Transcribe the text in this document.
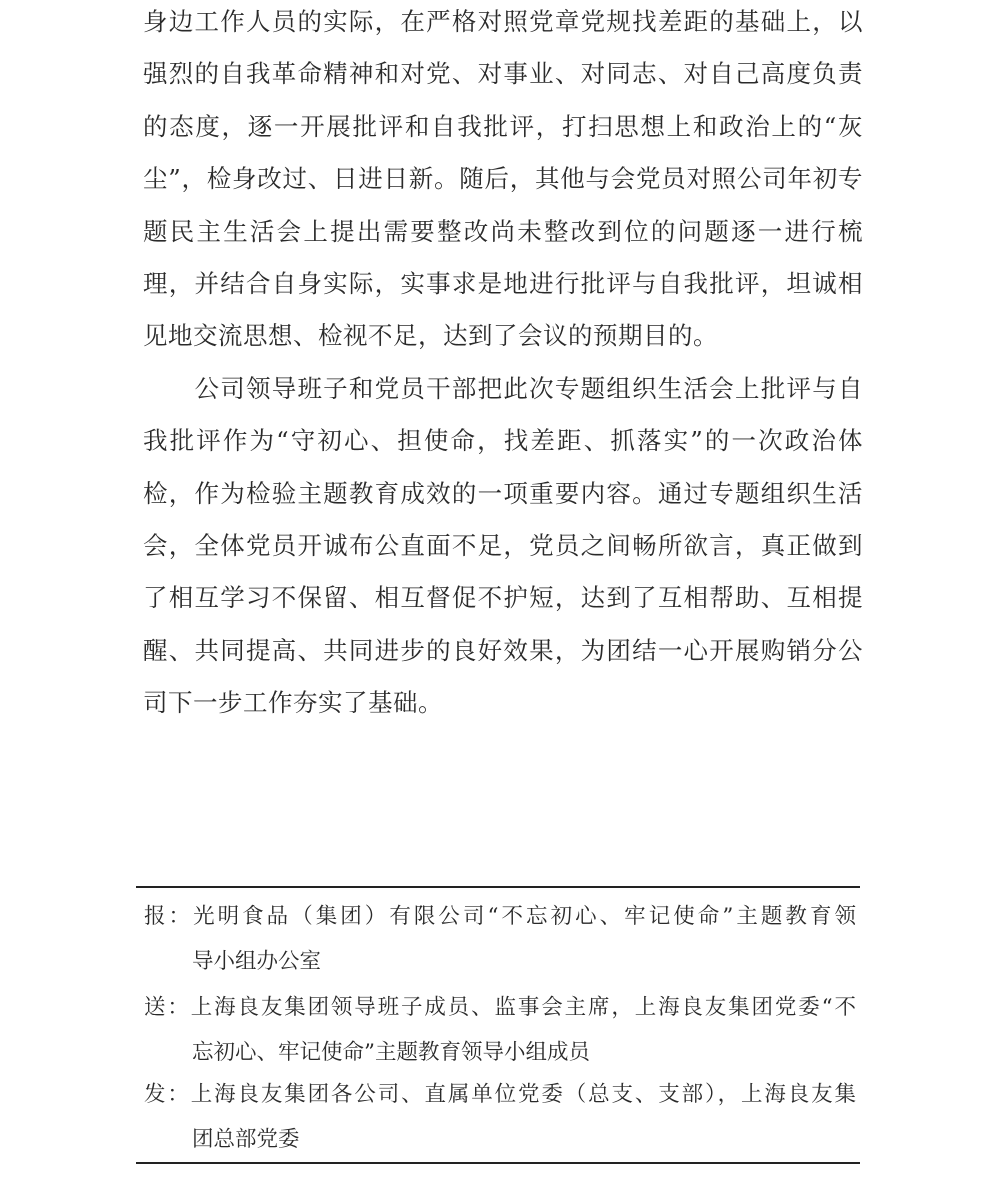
身边工作人员的实际，在严格对照党章党规找差距的基础上，以
强烈的自我革命精神和对党、对事业、对同志、对自己高度负责
的态度，逐一开展批评和自我批评，打扫思想上和政治上的“灰
尘”，检身改过、日进日新。随后，其他与会党员对照公司年初专
题民主生活会上提出需要整改尚未整改到位的问题逐一进行梳
理，并结合自身实际，实事求是地进行批评与自我批评，坦诚相
见地交流思想、检视不足，达到了会议的预期目的。
　　公司领导班子和党员干部把此次专题组织生活会上批评与自
我批评作为“守初心、担使命，找差距、抓落实”的一次政治体
检，作为检验主题教育成效的一项重要内容。通过专题组织生活
会，全体党员开诚布公直面不足，党员之间畅所欲言，真正做到
了相互学习不保留、相互督促不护短，达到了互相帮助、互相提
醒、共同提高、共同进步的良好效果，为团结一心开展购销分公
司下一步工作夯实了基础。
报：光明食品（集团）有限公司“不忘初心、牢记使命”主题教育领
导小组办公室
送：上海良友集团领导班子成员、监事会主席，上海良友集团党委“不
忘初心、牢记使命”主题教育领导小组成员
发：上海良友集团各公司、直属单位党委（总支、支部），上海良友集
团总部党委
